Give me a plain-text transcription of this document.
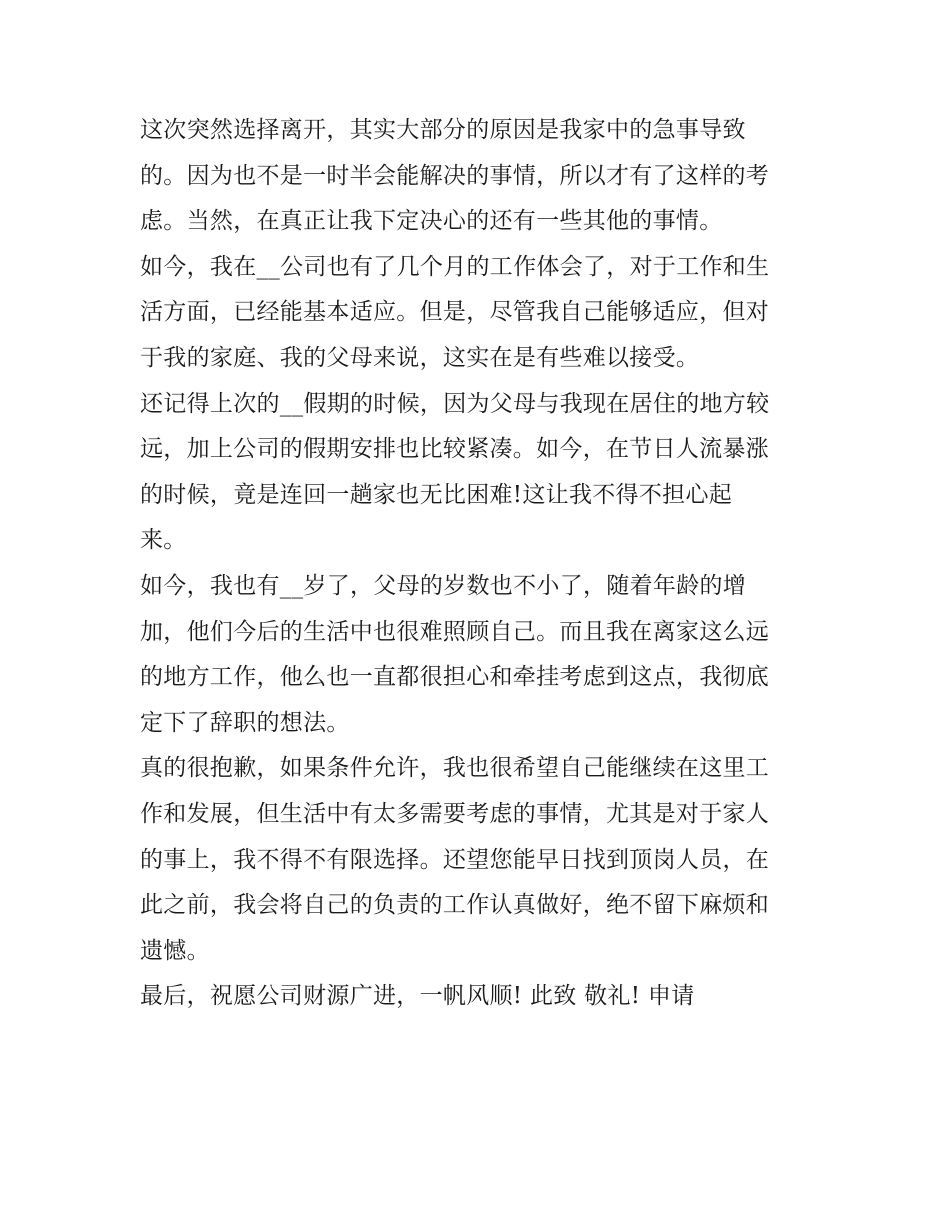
这次突然选择离开，其实大部分的原因是我家中的急事导致
的。因为也不是一时半会能解决的事情，所以才有了这样的考
虑。当然，在真正让我下定决心的还有一些其他的事情。
如今，我在__公司也有了几个月的工作体会了，对于工作和生
活方面，已经能基本适应。但是，尽管我自己能够适应，但对
于我的家庭、我的父母来说，这实在是有些难以接受。
还记得上次的__假期的时候，因为父母与我现在居住的地方较
远，加上公司的假期安排也比较紧凑。如今，在节日人流暴涨
的时候，竟是连回一趟家也无比困难!这让我不得不担心起
来。
如今，我也有__岁了，父母的岁数也不小了，随着年龄的增
加，他们今后的生活中也很难照顾自己。而且我在离家这么远
的地方工作，他么也一直都很担心和牵挂考虑到这点，我彻底
定下了辞职的想法。
真的很抱歉，如果条件允许，我也很希望自己能继续在这里工
作和发展，但生活中有太多需要考虑的事情，尤其是对于家人
的事上，我不得不有限选择。还望您能早日找到顶岗人员，在
此之前，我会将自己的负责的工作认真做好，绝不留下麻烦和
遗憾。
最后，祝愿公司财源广进，一帆风顺! 此致 敬礼! 申请
